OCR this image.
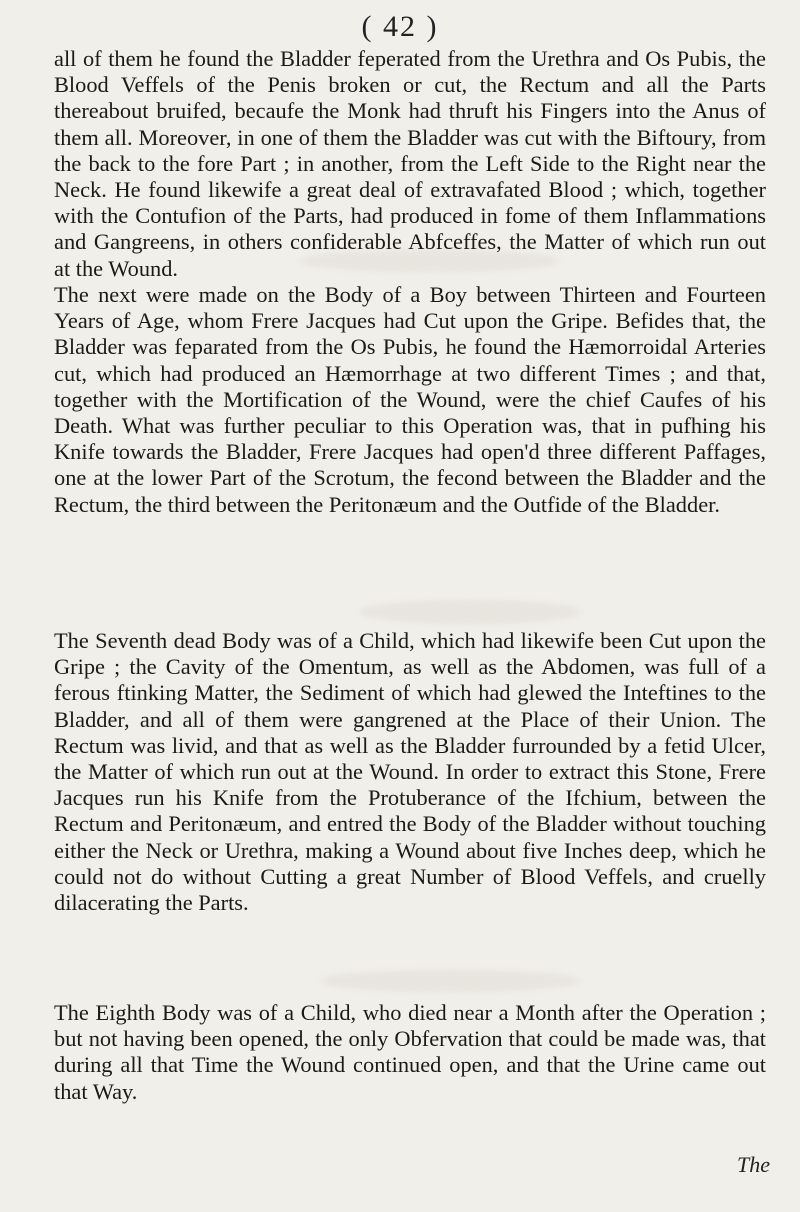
( 42 )

all of them he found the Bladder feperated from the Urethra and Os Pubis, the Blood Veffels of the Penis broken or cut, the Rectum and all the Parts thereabout bruifed, becaufe the Monk had thruft his Fingers into the Anus of them all. Moreover, in one of them the Bladder was cut with the Biftoury, from the back to the fore Part ; in another, from the Left Side to the Right near the Neck. He found likewife a great deal of extravafated Blood ; which, together with the Contufion of the Parts, had produced in fome of them Inflammations and Gangreens, in others confiderable Abfceffes, the Matter of which run out at the Wound.

The next were made on the Body of a Boy between Thirteen and Fourteen Years of Age, whom Frere Jacques had Cut upon the Gripe. Befides that, the Bladder was feparated from the Os Pubis, he found the Hæmorroidal Arteries cut, which had produced an Hæmorrhage at two different Times ; and that, together with the Mortification of the Wound, were the chief Caufes of his Death. What was further peculiar to this Operation was, that in pufhing his Knife towards the Bladder, Frere Jacques had open'd three different Paffages, one at the lower Part of the Scrotum, the fecond between the Bladder and the Rectum, the third between the Peritonæum and the Outfide of the Bladder.

The Seventh dead Body was of a Child, which had likewife been Cut upon the Gripe ; the Cavity of the Omentum, as well as the Abdomen, was full of a ferous ftinking Matter, the Sediment of which had glewed the Inteftines to the Bladder, and all of them were gangrened at the Place of their Union. The Rectum was livid, and that as well as the Bladder furrounded by a fetid Ulcer, the Matter of which run out at the Wound. In order to extract this Stone, Frere Jacques run his Knife from the Protuberance of the Ifchium, between the Rectum and Peritonæum, and entred the Body of the Bladder without touching either the Neck or Urethra, making a Wound about five Inches deep, which he could not do without Cutting a great Number of Blood Veffels, and cruelly dilacerating the Parts.

The Eighth Body was of a Child, who died near a Month after the Operation ; but not having been opened, the only Obfervation that could be made was, that during all that Time the Wound continued open, and that the Urine came out that Way.

The
